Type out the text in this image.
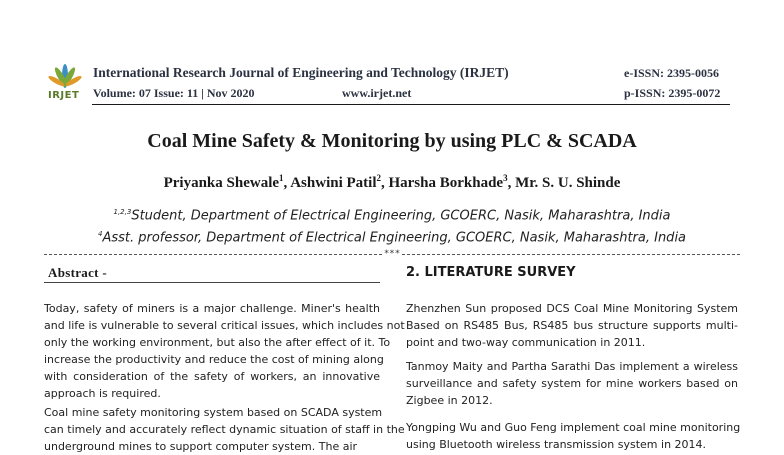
IRJET
International Research Journal of Engineering and Technology (IRJET)
Volume: 07 Issue: 11 | Nov 2020	www.irjet.net
e-ISSN: 2395-0056
p-ISSN: 2395-0072
Coal Mine Safety & Monitoring by using PLC & SCADA
Priyanka Shewale$^1$, Ashwini Patil$^2$, Harsha Borkhade$^3$, Mr. S. U. Shinde
$^{1,2,3}$Student, Department of Electrical Engineering, GCOERC, Nasik, Maharashtra, India
$^4$Asst. professor, Department of Electrical Engineering, GCOERC, Nasik, Maharashtra, India
***
Abstract -
Today, safety of miners is a major challenge. Miner's health
and life is vulnerable to several critical issues, which includes not
only the working environment, but also the after effect of it. To
increase the productivity and reduce the cost of mining along
with consideration of the safety of workers, an innovative
approach is required.
Coal mine safety monitoring system based on SCADA system
can timely and accurately reflect dynamic situation of staff in the
underground mines to support computer system. The air
2. LITERATURE SURVEY
Zhenzhen Sun proposed DCS Coal Mine Monitoring System
Based on RS485 Bus, RS485 bus structure supports multi-
point and two-way communication in 2011.
Tanmoy Maity and Partha Sarathi Das implement a wireless
surveillance and safety system for mine workers based on
Zigbee in 2012.
Yongping Wu and Guo Feng implement coal mine monitoring
using Bluetooth wireless transmission system in 2014.
